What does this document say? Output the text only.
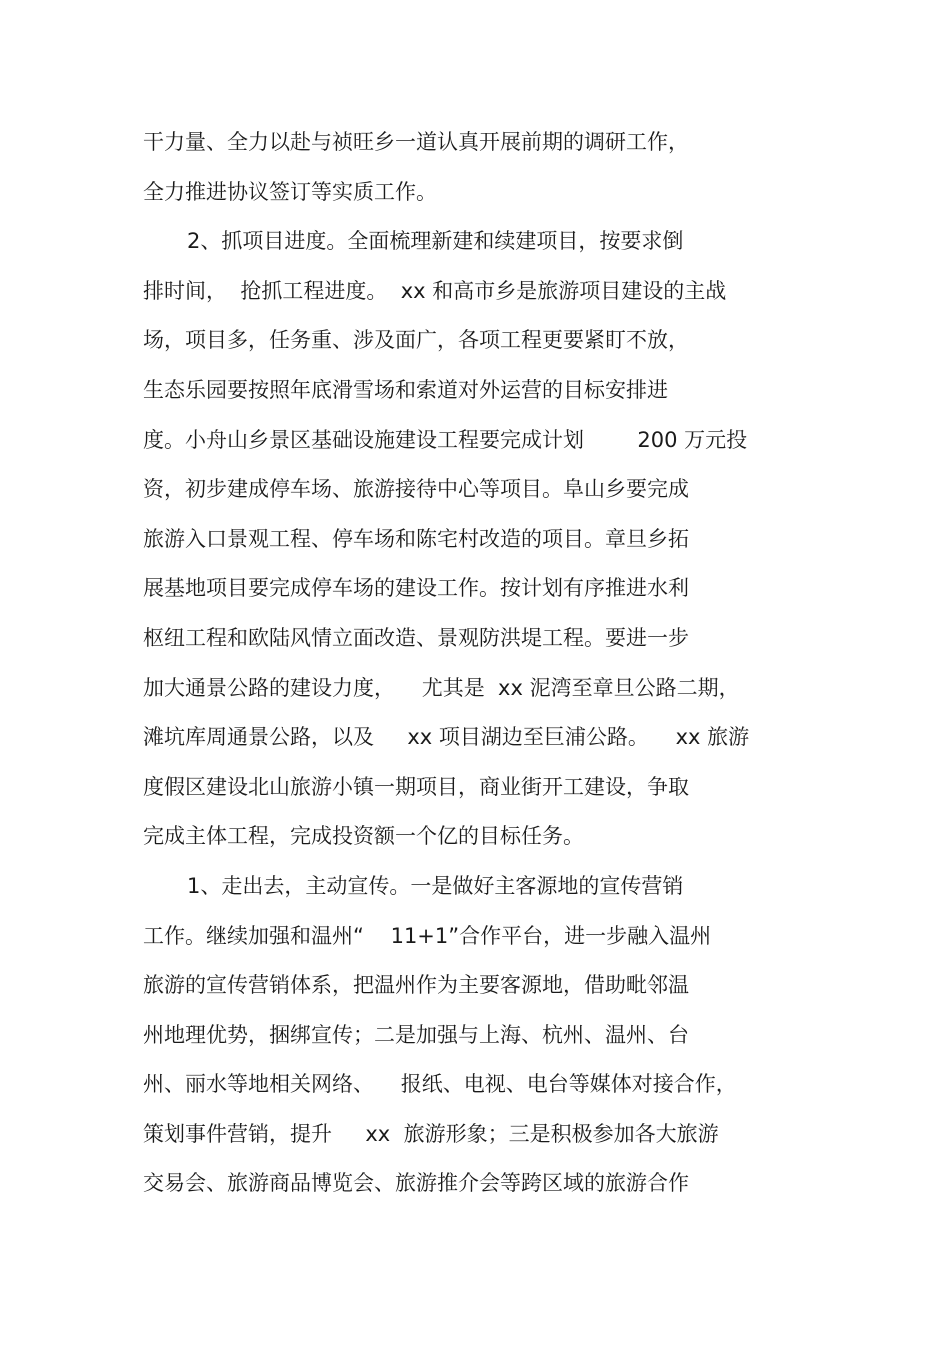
干力量、全力以赴与祯旺乡一道认真开展前期的调研工作，
全力推进协议签订等实质工作。
2、抓项目进度。全面梳理新建和续建项目，按要求倒
排时间，  抢抓工程进度。  xx 和高市乡是旅游项目建设的主战
场，项目多，任务重、涉及面广，各项工程更要紧盯不放，
生态乐园要按照年底滑雪场和索道对外运营的目标安排进
度。小舟山乡景区基础设施建设工程要完成计划        200 万元投
资，初步建成停车场、旅游接待中心等项目。阜山乡要完成
旅游入口景观工程、停车场和陈宅村改造的项目。章旦乡拓
展基地项目要完成停车场的建设工作。按计划有序推进水利
枢纽工程和欧陆风情立面改造、景观防洪堤工程。要进一步
加大通景公路的建设力度，    尤其是  xx 泥湾至章旦公路二期，
滩坑库周通景公路，以及     xx 项目湖边至巨浦公路。    xx 旅游
度假区建设北山旅游小镇一期项目，商业街开工建设，争取
完成主体工程，完成投资额一个亿的目标任务。
1、走出去，主动宣传。一是做好主客源地的宣传营销
工作。继续加强和温州“    11+1”合作平台，进一步融入温州
旅游的宣传营销体系，把温州作为主要客源地，借助毗邻温
州地理优势，捆绑宣传；二是加强与上海、杭州、温州、台
州、丽水等地相关网络、    报纸、电视、电台等媒体对接合作，
策划事件营销，提升     xx  旅游形象；三是积极参加各大旅游
交易会、旅游商品博览会、旅游推介会等跨区域的旅游合作
